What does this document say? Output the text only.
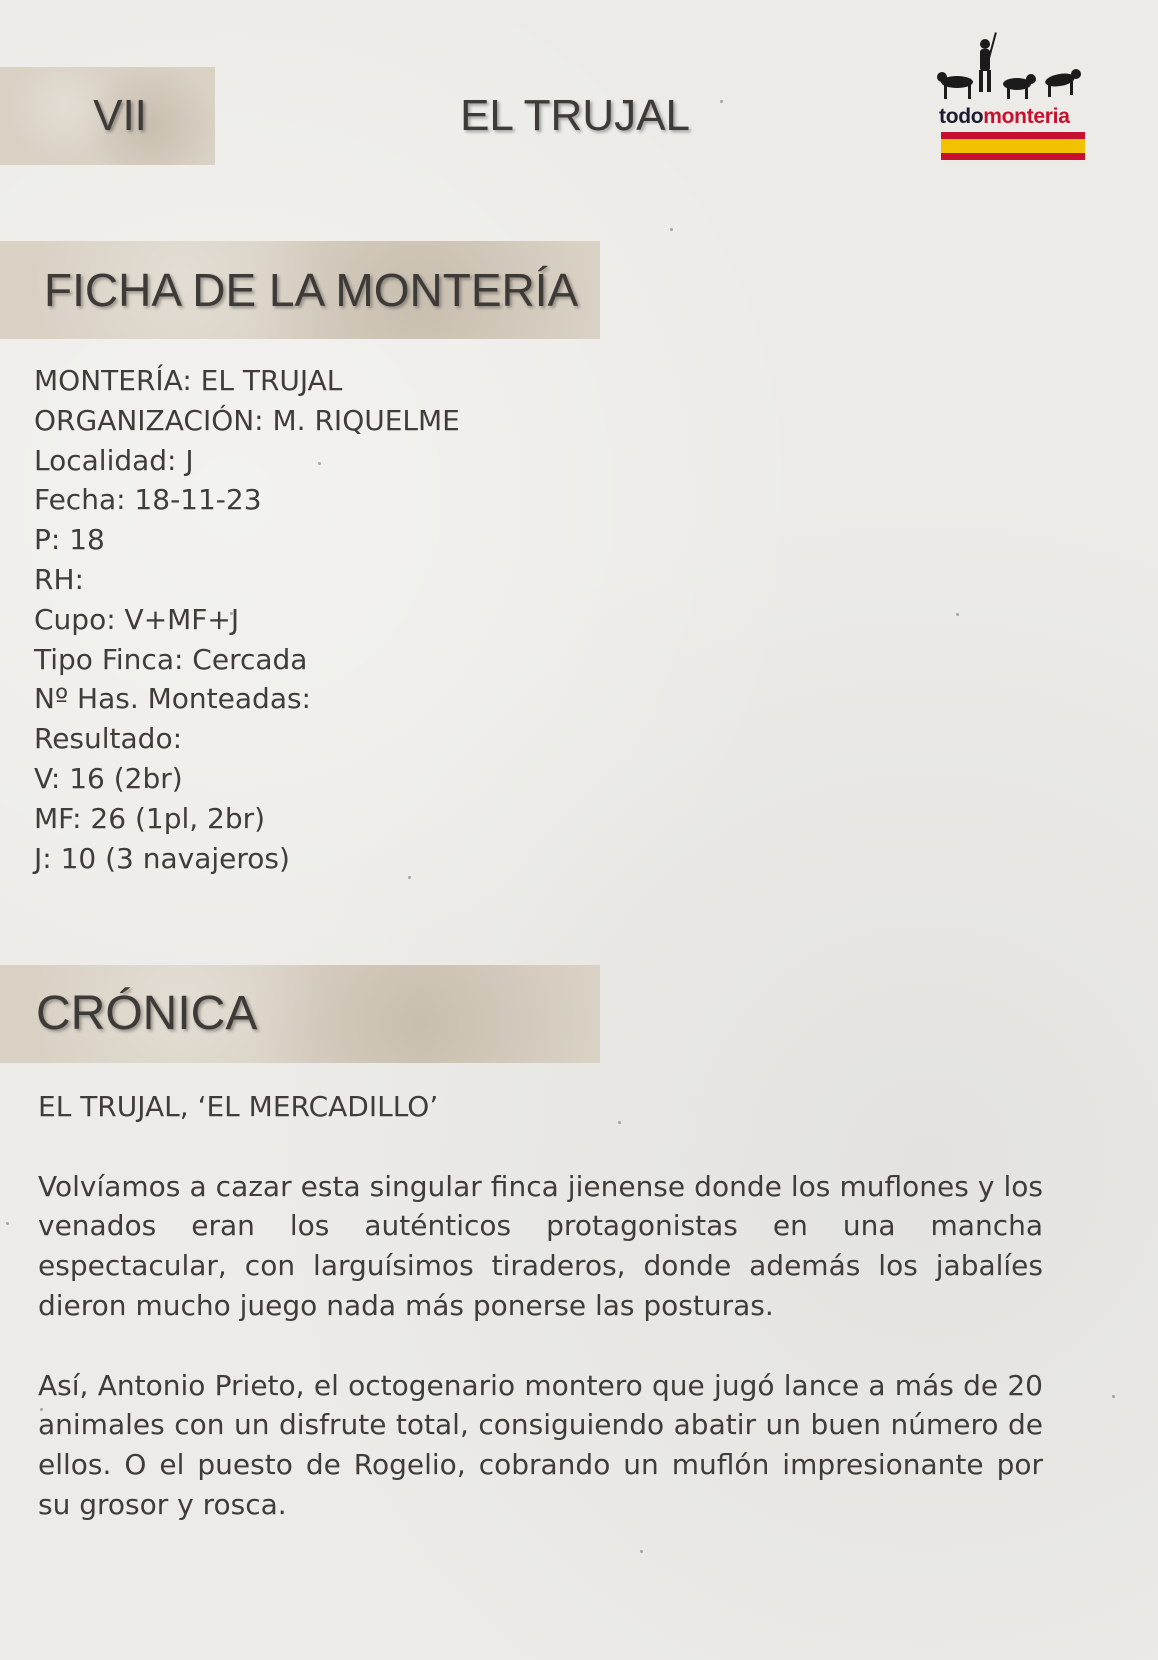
VII	EL TRUJAL	todomonteria
FICHA DE LA MONTERÍA
MONTERÍA: EL TRUJAL
ORGANIZACIÓN: M. RIQUELME
Localidad: J
Fecha: 18-11-23
P: 18
RH:
Cupo: V+MF+J
Tipo Finca: Cercada
Nº Has. Monteadas:
Resultado:
V: 16 (2br)
MF: 26 (1pl, 2br)
J: 10 (3 navajeros)
CRÓNICA

EL TRUJAL, ‘EL MERCADILLO’

Volvíamos a cazar esta singular finca jienense donde los muflones y los venados eran los auténticos protagonistas en una mancha espectacular, con larguísimos tiraderos, donde además los jabalíes dieron mucho juego nada más ponerse las posturas.

Así, Antonio Prieto, el octogenario montero que jugó lance a más de 20 animales con un disfrute total, consiguiendo abatir un buen número de ellos. O el puesto de Rogelio, cobrando un muflón impresionante por su grosor y rosca.
